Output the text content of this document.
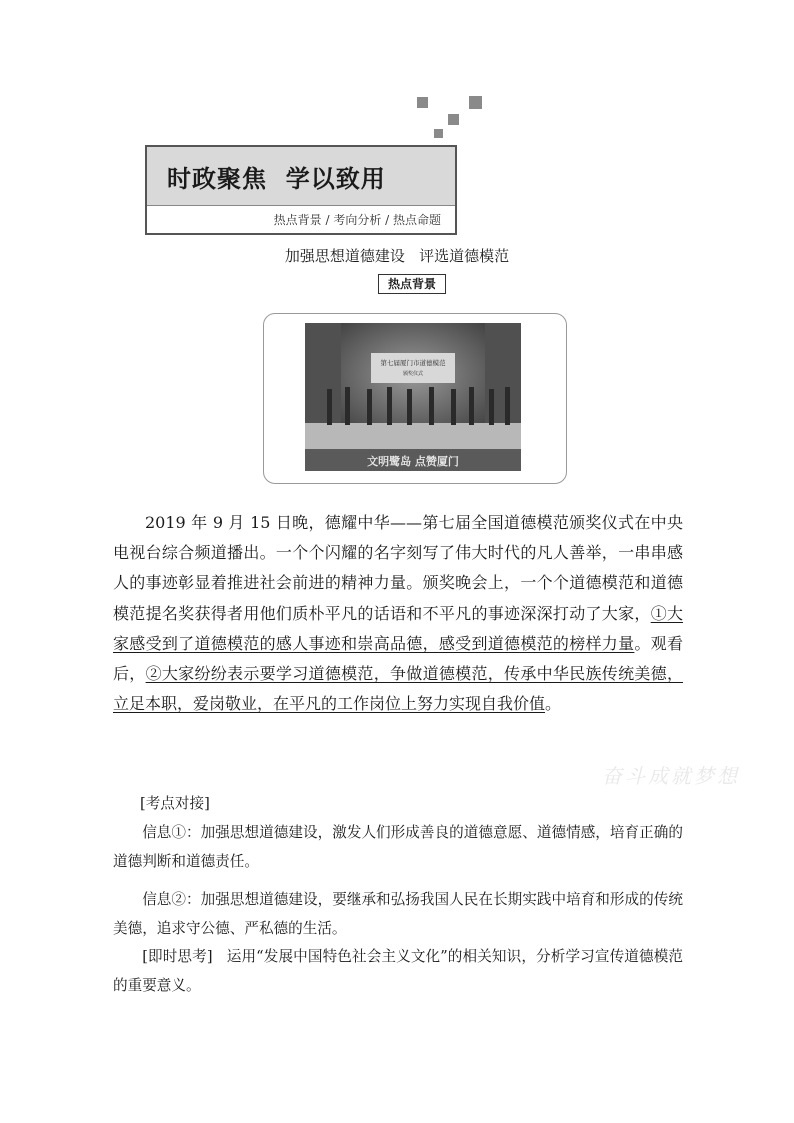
时政聚焦  学以致用
热点背景 / 考向分析 / 热点命题
加强思想道德建设   评选道德模范
热点背景
第七届厦门市道德模范
颁奖仪式
文明鹭岛 点赞厦门
2019 年 9 月 15 日晚，德耀中华——第七届全国道德模范颁奖仪式在中央电视台综合频道播出。一个个闪耀的名字刻写了伟大时代的凡人善举，一串串感人的事迹彰显着推进社会前进的精神力量。颁奖晚会上，一个个道德模范和道德模范提名奖获得者用他们质朴平凡的话语和不平凡的事迹深深打动了大家，①大家感受到了道德模范的感人事迹和崇高品德，感受到道德模范的榜样力量。观看后，②大家纷纷表示要学习道德模范，争做道德模范，传承中华民族传统美德，立足本职，爱岗敬业，在平凡的工作岗位上努力实现自我价值。
[考点对接]
信息①：加强思想道德建设，激发人们形成善良的道德意愿、道德情感，培育正确的道德判断和道德责任。
信息②：加强思想道德建设，要继承和弘扬我国人民在长期实践中培育和形成的传统美德，追求守公德、严私德的生活。
[即时思考]   运用“发展中国特色社会主义文化”的相关知识，分析学习宣传道德模范的重要意义。
奋斗成就梦想
